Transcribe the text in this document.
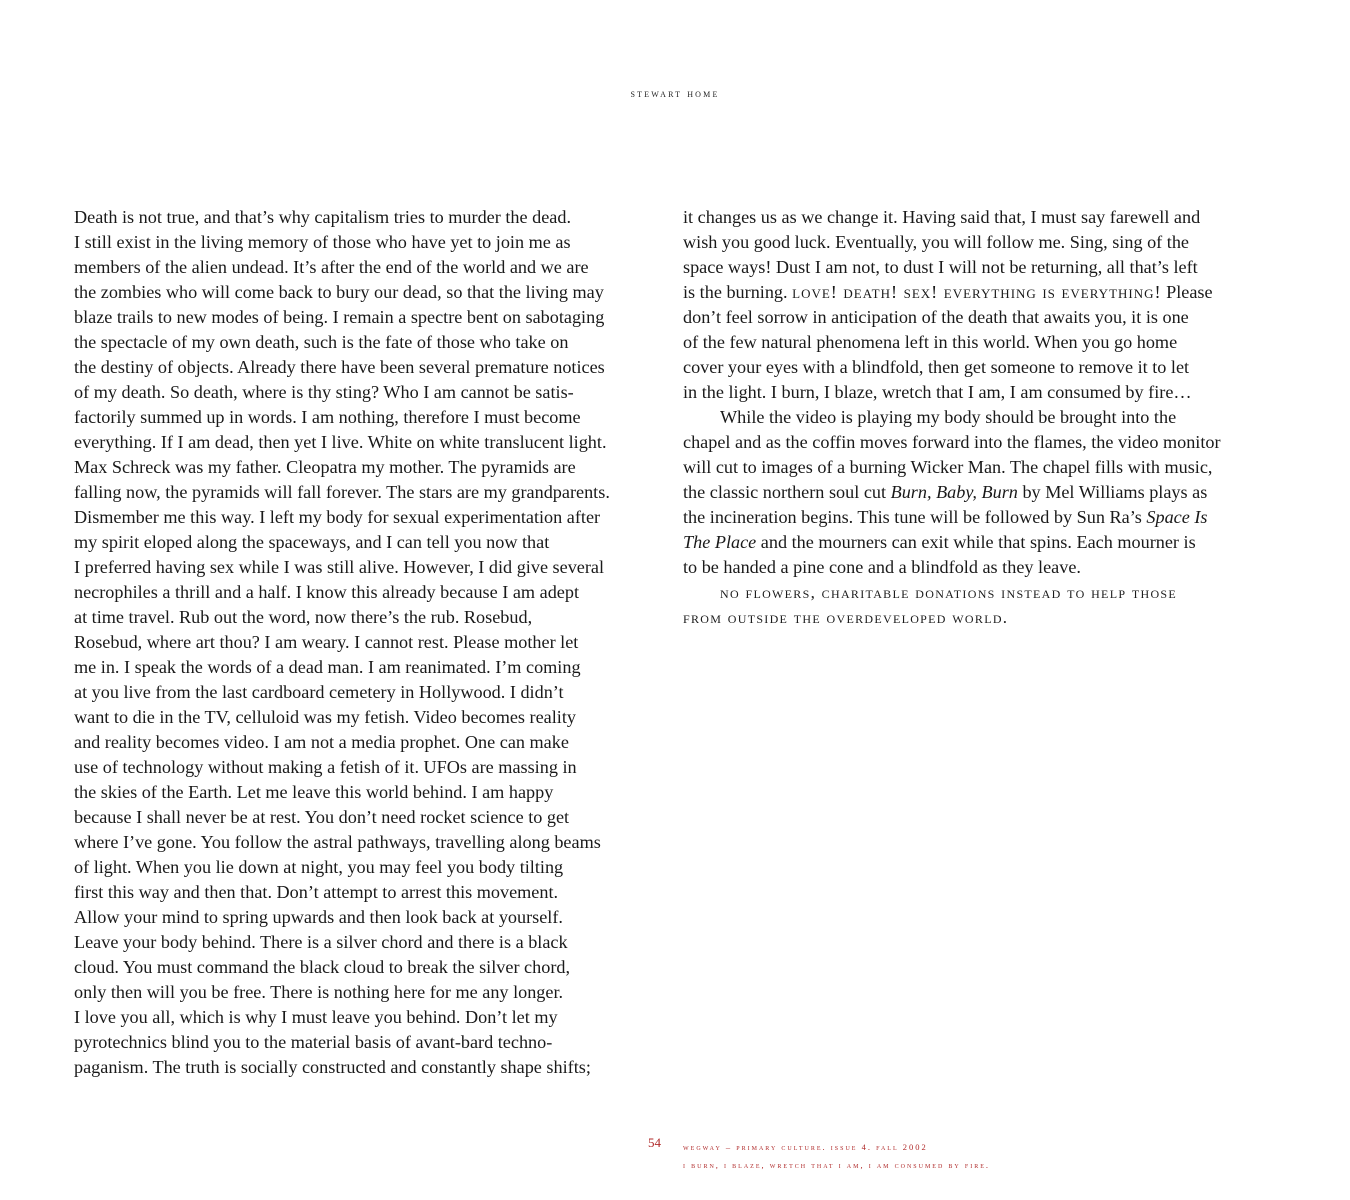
stewart home
Death is not true, and that’s why capitalism tries to murder the dead.
I still exist in the living memory of those who have yet to join me as
members of the alien undead. It’s after the end of the world and we are
the zombies who will come back to bury our dead, so that the living may
blaze trails to new modes of being. I remain a spectre bent on sabotaging
the spectacle of my own death, such is the fate of those who take on
the destiny of objects. Already there have been several premature notices
of my death. So death, where is thy sting? Who I am cannot be satis-
factorily summed up in words. I am nothing, therefore I must become
everything. If I am dead, then yet I live. White on white translucent light.
Max Schreck was my father. Cleopatra my mother. The pyramids are
falling now, the pyramids will fall forever. The stars are my grandparents.
Dismember me this way. I left my body for sexual experimentation after
my spirit eloped along the spaceways, and I can tell you now that
I preferred having sex while I was still alive. However, I did give several
necrophiles a thrill and a half. I know this already because I am adept
at time travel. Rub out the word, now there’s the rub. Rosebud,
Rosebud, where art thou? I am weary. I cannot rest. Please mother let
me in. I speak the words of a dead man. I am reanimated. I’m coming
at you live from the last cardboard cemetery in Hollywood. I didn’t
want to die in the TV, celluloid was my fetish. Video becomes reality
and reality becomes video. I am not a media prophet. One can make
use of technology without making a fetish of it. UFOs are massing in
the skies of the Earth. Let me leave this world behind. I am happy
because I shall never be at rest. You don’t need rocket science to get
where I’ve gone. You follow the astral pathways, travelling along beams
of light. When you lie down at night, you may feel you body tilting
first this way and then that. Don’t attempt to arrest this movement.
Allow your mind to spring upwards and then look back at yourself.
Leave your body behind. There is a silver chord and there is a black
cloud. You must command the black cloud to break the silver chord,
only then will you be free. There is nothing here for me any longer.
I love you all, which is why I must leave you behind. Don’t let my
pyrotechnics blind you to the material basis of avant-bard techno-
paganism. The truth is socially constructed and constantly shape shifts;
it changes us as we change it. Having said that, I must say farewell and
wish you good luck. Eventually, you will follow me. Sing, sing of the
space ways! Dust I am not, to dust I will not be returning, all that’s left
is the burning. love! death! sex! everything is everything! Please
don’t feel sorrow in anticipation of the death that awaits you, it is one
of the few natural phenomena left in this world. When you go home
cover your eyes with a blindfold, then get someone to remove it to let
in the light. I burn, I blaze, wretch that I am, I am consumed by fire…
While the video is playing my body should be brought into the
chapel and as the coffin moves forward into the flames, the video monitor
will cut to images of a burning Wicker Man. The chapel fills with music,
the classic northern soul cut Burn, Baby, Burn by Mel Williams plays as
the incineration begins. This tune will be followed by Sun Ra’s Space Is
The Place and the mourners can exit while that spins. Each mourner is
to be handed a pine cone and a blindfold as they leave.
no flowers, charitable donations instead to help those
from outside the overdeveloped world.
54	wegway – primary culture. issue 4. fall 2002
i burn, i blaze, wretch that i am, i am consumed by fire.
